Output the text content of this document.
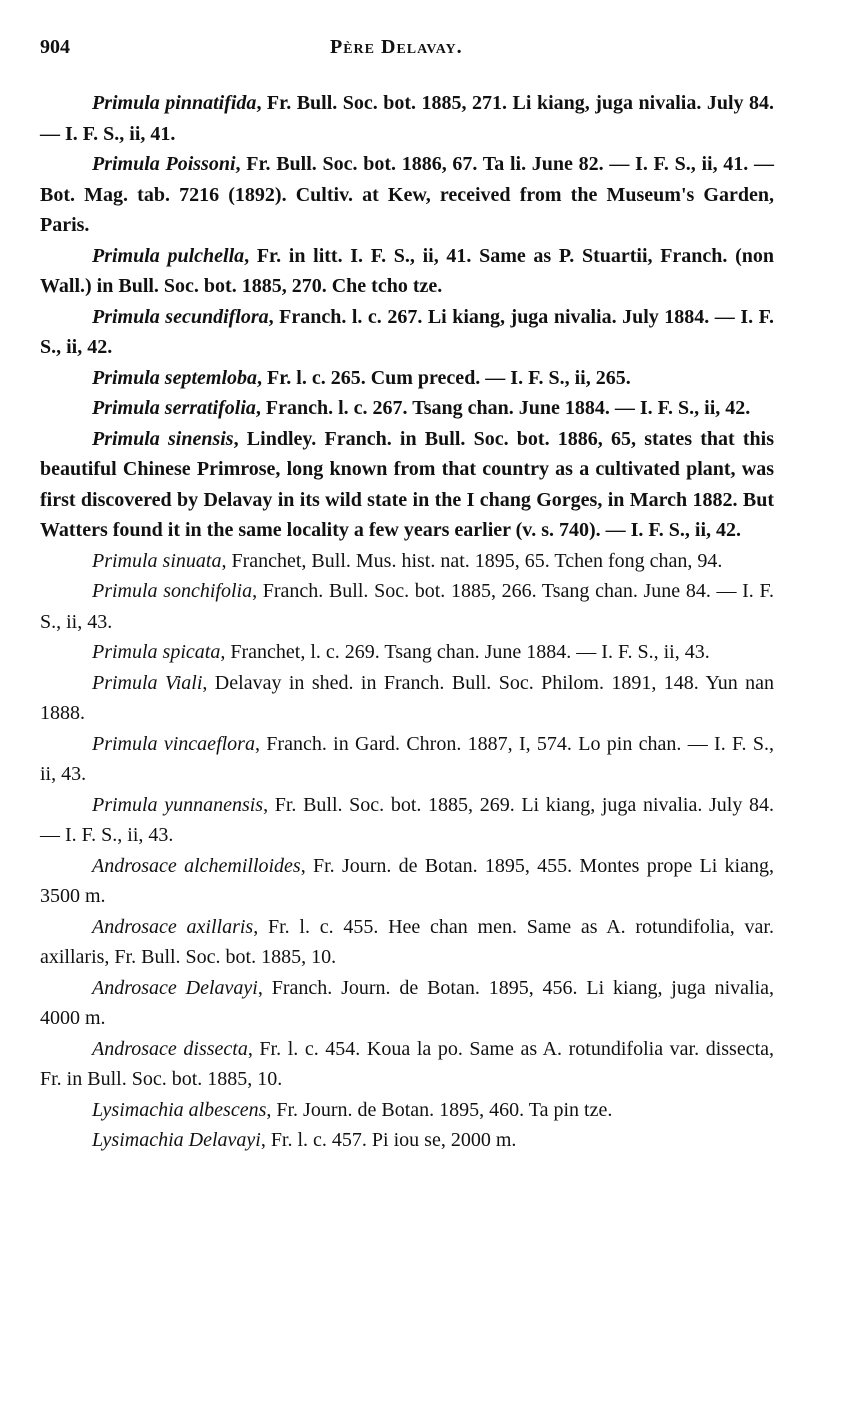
904	Père Delavay.

Primula pinnatifida, Fr. Bull. Soc. bot. 1885, 271. Li kiang, juga nivalia. July 84. — I. F. S., ii, 41.

Primula Poissoni, Fr. Bull. Soc. bot. 1886, 67. Ta li. June 82. — I. F. S., ii, 41. — Bot. Mag. tab. 7216 (1892). Cultiv. at Kew, received from the Museum's Garden, Paris.

Primula pulchella, Fr. in litt. I. F. S., ii, 41. Same as P. Stuartii, Franch. (non Wall.) in Bull. Soc. bot. 1885, 270. Che tcho tze.

Primula secundiflora, Franch. l. c. 267. Li kiang, juga nivalia. July 1884. — I. F. S., ii, 42.

Primula septemloba, Fr. l. c. 265. Cum preced. — I. F. S., ii, 265.

Primula serratifolia, Franch. l. c. 267. Tsang chan. June 1884. — I. F. S., ii, 42.

Primula sinensis, Lindley. Franch. in Bull. Soc. bot. 1886, 65, states that this beautiful Chinese Primrose, long known from that country as a cultivated plant, was first discovered by Delavay in its wild state in the I chang Gorges, in March 1882. But Watters found it in the same locality a few years earlier (v. s. 740). — I. F. S., ii, 42.

Primula sinuata, Franchet, Bull. Mus. hist. nat. 1895, 65. Tchen fong chan, 94.

Primula sonchifolia, Franch. Bull. Soc. bot. 1885, 266. Tsang chan. June 84. — I. F. S., ii, 43.

Primula spicata, Franchet, l. c. 269. Tsang chan. June 1884. — I. F. S., ii, 43.

Primula Viali, Delavay in shed. in Franch. Bull. Soc. Philom. 1891, 148. Yun nan 1888.

Primula vincaeflora, Franch. in Gard. Chron. 1887, I, 574. Lo pin chan. — I. F. S., ii, 43.

Primula yunnanensis, Fr. Bull. Soc. bot. 1885, 269. Li kiang, juga nivalia. July 84. — I. F. S., ii, 43.

Androsace alchemilloides, Fr. Journ. de Botan. 1895, 455. Montes prope Li kiang, 3500 m.

Androsace axillaris, Fr. l. c. 455. Hee chan men. Same as A. rotundifolia, var. axillaris, Fr. Bull. Soc. bot. 1885, 10.

Androsace Delavayi, Franch. Journ. de Botan. 1895, 456. Li kiang, juga nivalia, 4000 m.

Androsace dissecta, Fr. l. c. 454. Koua la po. Same as A. rotundifolia var. dissecta, Fr. in Bull. Soc. bot. 1885, 10.

Lysimachia albescens, Fr. Journ. de Botan. 1895, 460. Ta pin tze.

Lysimachia Delavayi, Fr. l. c. 457. Pi iou se, 2000 m.
